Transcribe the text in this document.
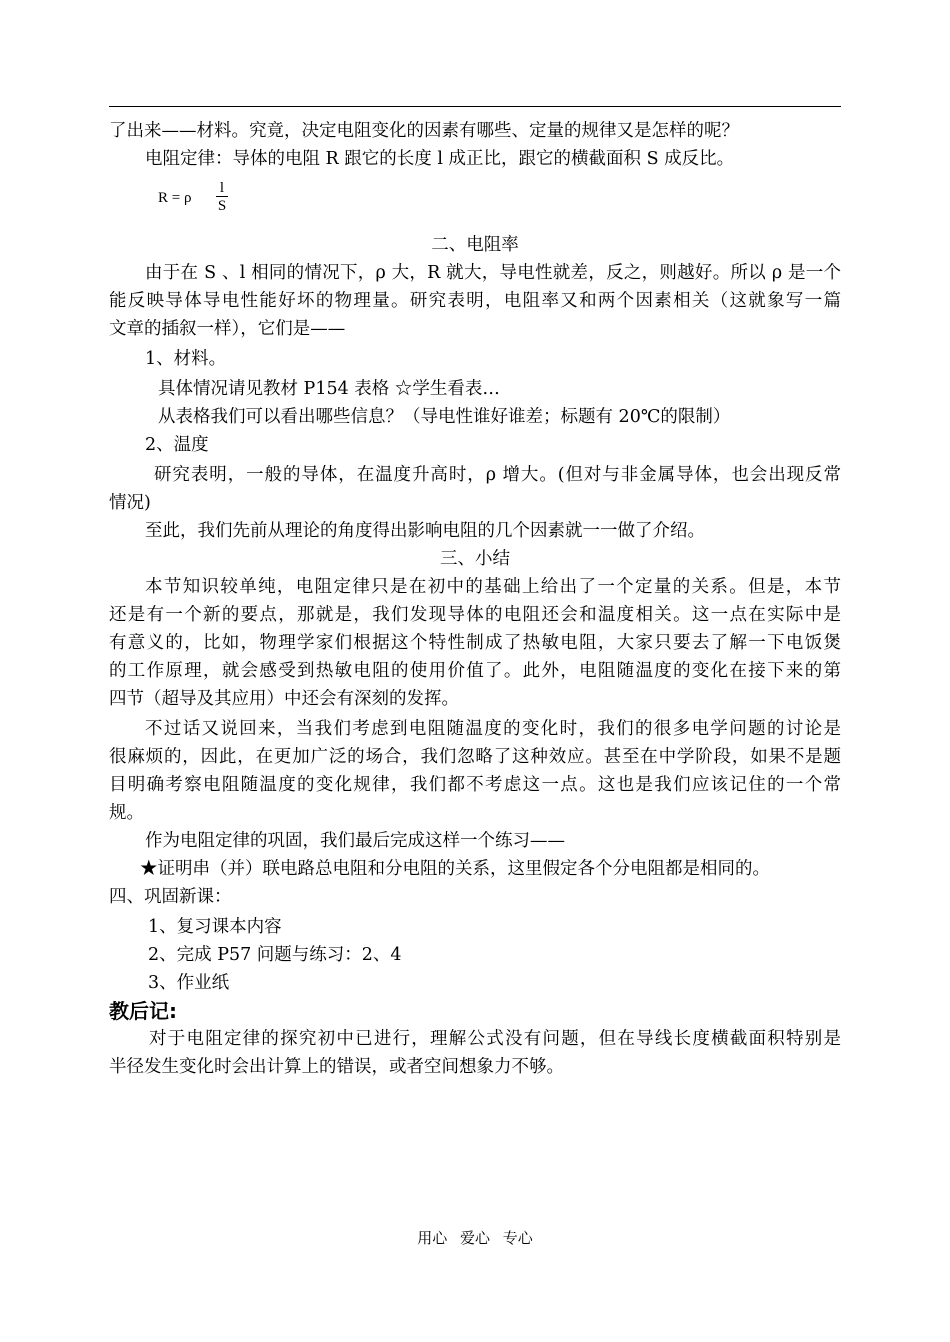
了出来——材料。究竟，决定电阻变化的因素有哪些、定量的规律又是怎样的呢？
电阻定律：导体的电阻 R 跟它的长度 l 成正比，跟它的横截面积 S 成反比。
R = ρ
l
S
二、电阻率
由于在 S 、l 相同的情况下，ρ 大，R 就大，导电性就差，反之，则越好。所以 ρ 是一个
能反映导体导电性能好坏的物理量。研究表明，电阻率又和两个因素相关（这就象写一篇
文章的插叙一样），它们是——
1、材料。
具体情况请见教材 P154 表格 ☆学生看表…
从表格我们可以看出哪些信息？（导电性谁好谁差；标题有 20℃的限制）
2、温度
研究表明，一般的导体，在温度升高时，ρ 增大。(但对与非金属导体，也会出现反常
情况)
至此，我们先前从理论的角度得出影响电阻的几个因素就一一做了介绍。
三、小结
本节知识较单纯，电阻定律只是在初中的基础上给出了一个定量的关系。但是，本节
还是有一个新的要点，那就是，我们发现导体的电阻还会和温度相关。这一点在实际中是
有意义的，比如，物理学家们根据这个特性制成了热敏电阻，大家只要去了解一下电饭煲
的工作原理，就会感受到热敏电阻的使用价值了。此外，电阻随温度的变化在接下来的第
四节（超导及其应用）中还会有深刻的发挥。
不过话又说回来，当我们考虑到电阻随温度的变化时，我们的很多电学问题的讨论是
很麻烦的，因此，在更加广泛的场合，我们忽略了这种效应。甚至在中学阶段，如果不是题
目明确考察电阻随温度的变化规律，我们都不考虑这一点。这也是我们应该记住的一个常
规。
作为电阻定律的巩固，我们最后完成这样一个练习——
★证明串（并）联电路总电阻和分电阻的关系，这里假定各个分电阻都是相同的。
四、巩固新课：
1、复习课本内容
2、完成 P57 问题与练习：2、4
3、作业纸
教后记:
对于电阻定律的探究初中已进行，理解公式没有问题，但在导线长度横截面积特别是
半径发生变化时会出计算上的错误，或者空间想象力不够。
用心 爱心 专心
